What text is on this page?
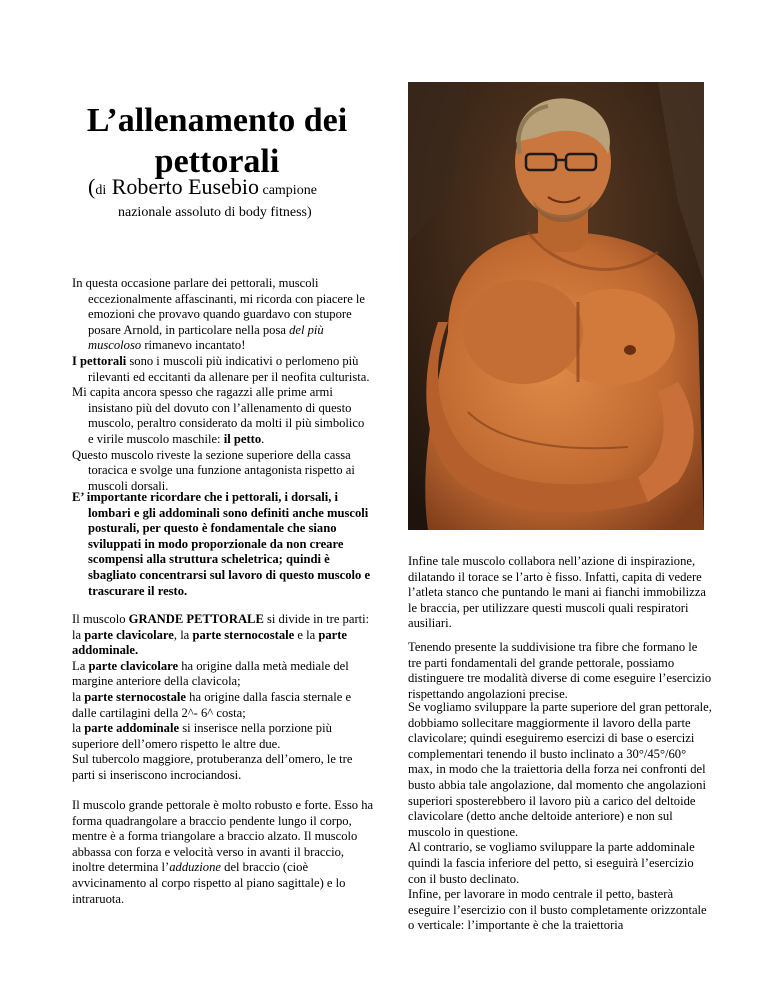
L’allenamento dei
pettorali

(di Roberto Eusebio campione
nazionale assoluto di body fitness)

In questa occasione parlare dei pettorali, muscoli eccezionalmente affascinanti, mi ricorda con piacere le emozioni che provavo quando guardavo con stupore posare Arnold, in particolare nella posa del più muscoloso rimanevo incantato!

I pettorali sono i muscoli più indicativi o perlomeno più rilevanti ed eccitanti da allenare per il neofita culturista.

Mi capita ancora spesso che ragazzi alle prime armi insistano più del dovuto con l’allenamento di questo muscolo, peraltro considerato da molti il più simbolico e virile muscolo maschile: il petto.

Questo muscolo riveste la sezione superiore della cassa toracica e svolge una funzione antagonista rispetto ai muscoli dorsali.

E’ importante ricordare che i pettorali, i dorsali, i lombari e gli addominali sono definiti anche muscoli posturali, per questo è fondamentale che siano sviluppati in modo proporzionale da non creare scompensi alla struttura scheletrica; quindi è sbagliato concentrarsi sul lavoro di questo muscolo e trascurare il resto.

Il muscolo GRANDE PETTORALE si divide in tre parti: la parte clavicolare, la parte sternocostale e la parte addominale.
La parte clavicolare ha origine dalla metà mediale del margine anteriore della clavicola;
la parte sternocostale ha origine dalla fascia sternale e dalle cartilagini della 2^- 6^ costa;
la parte addominale si inserisce nella porzione più superiore dell’omero rispetto le altre due.
Sul tubercolo maggiore, protuberanza dell’omero, le tre parti si inseriscono incrociandosi.
Il muscolo grande pettorale è molto robusto e forte. Esso ha forma quadrangolare a braccio pendente lungo il corpo, mentre è a forma triangolare a braccio alzato. Il muscolo abbassa con forza e velocità verso in avanti il braccio, inoltre determina l’adduzione del braccio (cioè avvicinamento al corpo rispetto al piano sagittale) e lo intraruota.

Infine tale muscolo collabora nell’azione di inspirazione, dilatando il torace se l’arto è fisso. Infatti, capita di vedere l’atleta stanco che puntando le mani ai fianchi immobilizza le braccia, per utilizzare questi muscoli quali respiratori ausiliari.

Tenendo presente la suddivisione tra fibre che formano le tre parti fondamentali del grande pettorale, possiamo distinguere tre modalità diverse di come eseguire l’esercizio rispettando angolazioni precise.

Se vogliamo sviluppare la parte superiore del gran pettorale, dobbiamo sollecitare maggiormente il lavoro della parte clavicolare; quindi eseguiremo esercizi di base o esercizi complementari tenendo il busto inclinato a 30°/45°/60° max, in modo che la traiettoria della forza nei confronti del busto abbia tale angolazione, dal momento che angolazioni superiori sposterebbero il lavoro più a carico del deltoide clavicolare (detto anche deltoide anteriore) e non sul muscolo in questione.
Al contrario, se vogliamo sviluppare la parte addominale quindi la fascia inferiore del petto, si eseguirà l’esercizio con il busto declinato.
Infine, per lavorare in modo centrale il petto, basterà eseguire l’esercizio con il busto completamente orizzontale o verticale: l’importante è che la traiettoria
